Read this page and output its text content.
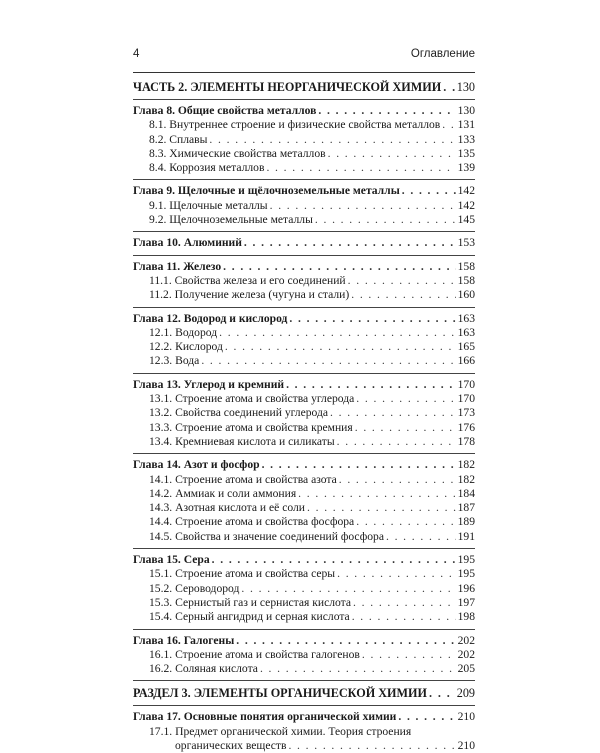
4	Оглавление
ЧАСТЬ 2. ЭЛЕМЕНТЫ НЕОРГАНИЧЕСКОЙ ХИМИИ . . . 130
Глава 8. Общие свойства металлов . . .	130
8.1. Внутреннее строение и физические свойства металлов . . . 131
8.2. Сплавы . . .	133
8.3. Химические свойства металлов . . .	135
8.4. Коррозия металлов . . .	139
Глава 9. Щелочные и щёлочноземельные металлы . . .	142
9.1. Щелочные металлы . . .	142
9.2. Щелочноземельные металлы . . .	145
Глава 10. Алюминий . . .	153
Глава 11. Железо . . .	158
11.1. Свойства железа и его соединений . . .	158
11.2. Получение железа (чугуна и стали) . . .	160
Глава 12. Водород и кислород . . .	163
12.1. Водород . . .	163
12.2. Кислород . . .	165
12.3. Вода . . .	166
Глава 13. Углерод и кремний . . .	170
13.1. Строение атома и свойства углерода . . .	170
13.2. Свойства соединений углерода . . .	173
13.3. Строение атома и свойства кремния . . .	176
13.4. Кремниевая кислота и силикаты . . .	178
Глава 14. Азот и фосфор . . .	182
14.1. Строение атома и свойства азота . . .	182
14.2. Аммиак и соли аммония . . .	184
14.3. Азотная кислота и её соли . . .	187
14.4. Строение атома и свойства фосфора . . .	189
14.5. Свойства и значение соединений фосфора . . .	191
Глава 15. Сера . . .	195
15.1. Строение атома и свойства серы . . .	195
15.2. Сероводород . . .	196
15.3. Сернистый газ и сернистая кислота . . .	197
15.4. Серный ангидрид и серная кислота . . .	198
Глава 16. Галогены . . .	202
16.1. Строение атома и свойства галогенов . . .	202
16.2. Соляная кислота . . .	205
РАЗДЕЛ 3. ЭЛЕМЕНТЫ ОРГАНИЧЕСКОЙ ХИМИИ . . . 209
Глава 17. Основные понятия органической химии . . .	210
17.1. Предмет органической химии. Теория строения
органических веществ . . .	210
